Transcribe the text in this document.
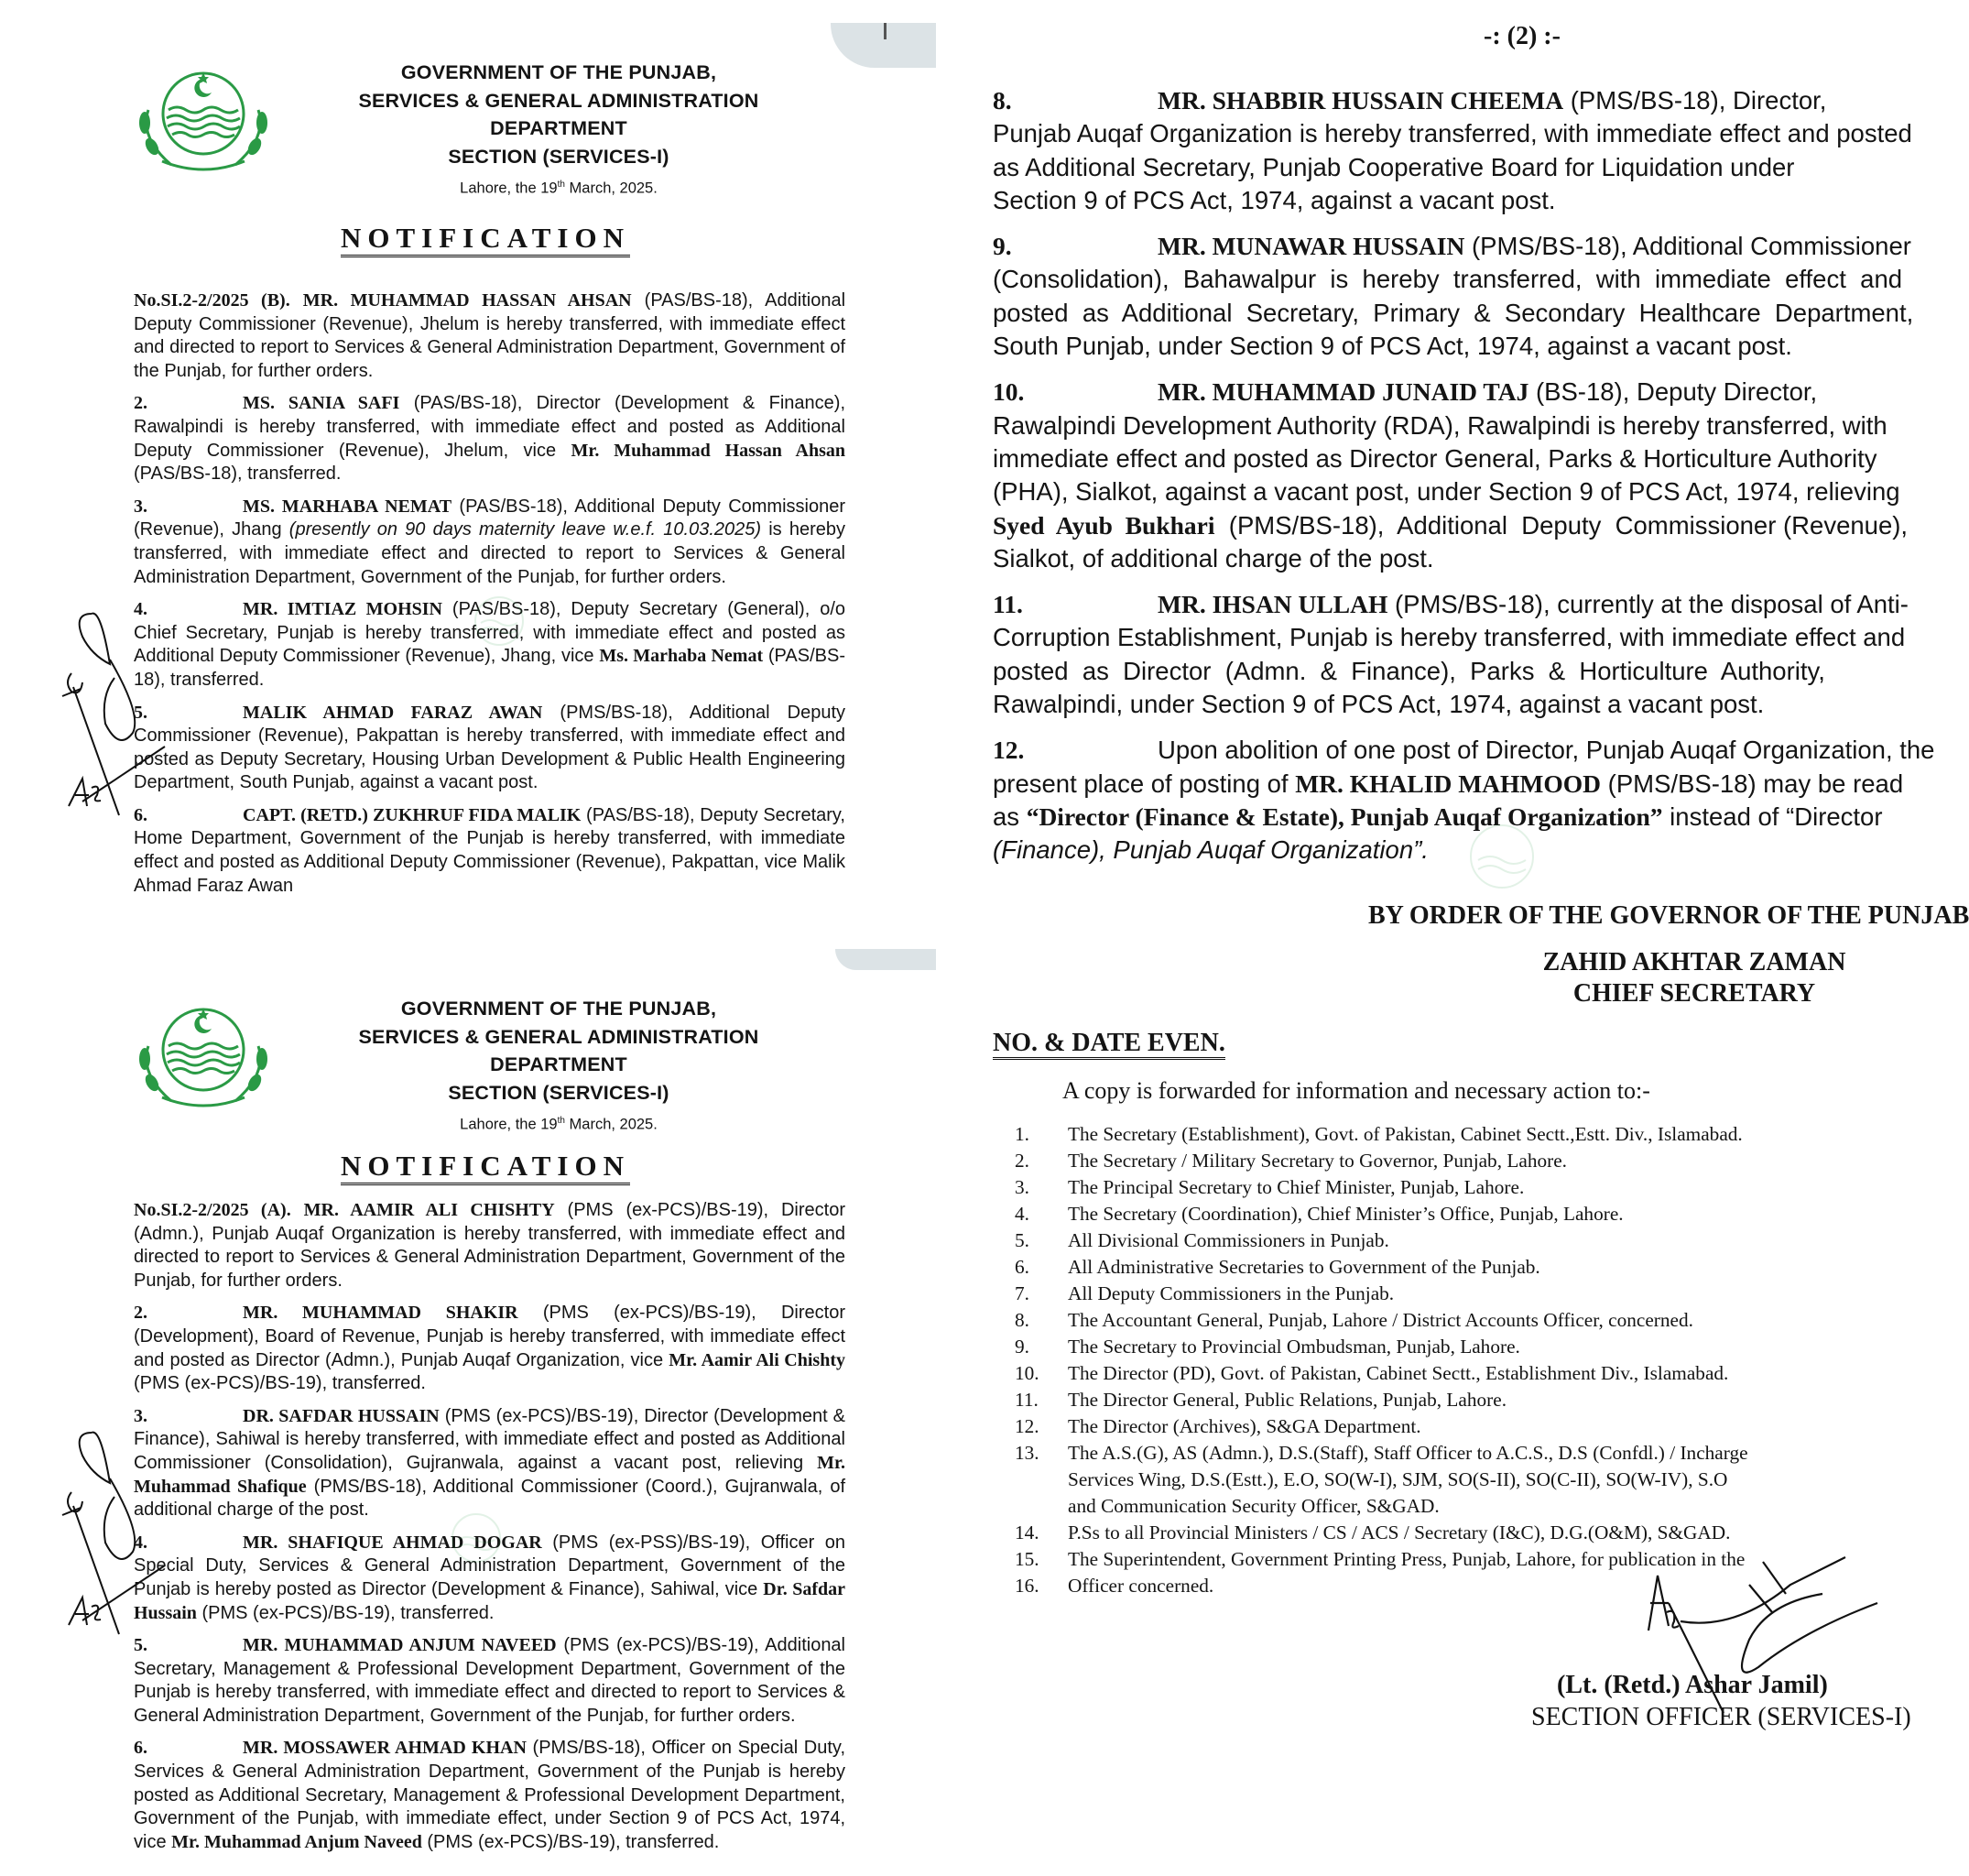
GOVERNMENT OF THE PUNJAB,
SERVICES & GENERAL ADMINISTRATION
DEPARTMENT
SECTION (SERVICES-I)
Lahore, the 19th March, 2025.
NOTIFICATION

No.SI.2-2/2025 (B). MR. MUHAMMAD HASSAN AHSAN (PAS/BS-18), Additional Deputy Commissioner (Revenue), Jhelum is hereby transferred, with immediate effect and directed to report to Services & General Administration Department, Government of the Punjab, for further orders.

2.	MS. SANIA SAFI (PAS/BS-18), Director (Development & Finance), Rawalpindi is hereby transferred, with immediate effect and posted as Additional Deputy Commissioner (Revenue), Jhelum, vice Mr. Muhammad Hassan Ahsan (PAS/BS-18), transferred.

3.	MS. MARHABA NEMAT (PAS/BS-18), Additional Deputy Commissioner (Revenue), Jhang (presently on 90 days maternity leave w.e.f. 10.03.2025) is hereby transferred, with immediate effect and directed to report to Services & General Administration Department, Government of the Punjab, for further orders.

4.	MR. IMTIAZ MOHSIN (PAS/BS-18), Deputy Secretary (General), o/o Chief Secretary, Punjab is hereby transferred, with immediate effect and posted as Additional Deputy Commissioner (Revenue), Jhang, vice Ms. Marhaba Nemat (PAS/BS-18), transferred.

5.	MALIK AHMAD FARAZ AWAN (PMS/BS-18), Additional Deputy Commissioner (Revenue), Pakpattan is hereby transferred, with immediate effect and posted as Deputy Secretary, Housing Urban Development & Public Health Engineering Department, South Punjab, against a vacant post.

6.	CAPT. (RETD.) ZUKHRUF FIDA MALIK (PAS/BS-18), Deputy Secretary, Home Department, Government of the Punjab is hereby transferred, with immediate effect and posted as Additional Deputy Commissioner (Revenue), Pakpattan, vice Malik Ahmad Faraz Awan

GOVERNMENT OF THE PUNJAB,
SERVICES & GENERAL ADMINISTRATION
DEPARTMENT
SECTION (SERVICES-I)
Lahore, the 19th March, 2025.
NOTIFICATION

No.SI.2-2/2025 (A). MR. AAMIR ALI CHISHTY (PMS (ex-PCS)/BS-19), Director (Admn.), Punjab Auqaf Organization is hereby transferred, with immediate effect and directed to report to Services & General Administration Department, Government of the Punjab, for further orders.

2.	MR. MUHAMMAD SHAKIR (PMS (ex-PCS)/BS-19), Director (Development), Board of Revenue, Punjab is hereby transferred, with immediate effect and posted as Director (Admn.), Punjab Auqaf Organization, vice Mr. Aamir Ali Chishty (PMS (ex-PCS)/BS-19), transferred.

3.	DR. SAFDAR HUSSAIN (PMS (ex-PCS)/BS-19), Director (Development & Finance), Sahiwal is hereby transferred, with immediate effect and posted as Additional Commissioner (Consolidation), Gujranwala, against a vacant post, relieving Mr. Muhammad Shafique (PMS/BS-18), Additional Commissioner (Coord.), Gujranwala, of additional charge of the post.

4.	MR. SHAFIQUE AHMAD DOGAR (PMS (ex-PSS)/BS-19), Officer on Special Duty, Services & General Administration Department, Government of the Punjab is hereby posted as Director (Development & Finance), Sahiwal, vice Dr. Safdar Hussain (PMS (ex-PCS)/BS-19), transferred.

5.	MR. MUHAMMAD ANJUM NAVEED (PMS (ex-PCS)/BS-19), Additional Secretary, Management & Professional Development Department, Government of the Punjab is hereby transferred, with immediate effect and directed to report to Services & General Administration Department, Government of the Punjab, for further orders.

6.	MR. MOSSAWER AHMAD KHAN (PMS/BS-18), Officer on Special Duty, Services & General Administration Department, Government of the Punjab is hereby posted as Additional Secretary, Management & Professional Development Department, Government of the Punjab, with immediate effect, under Section 9 of PCS Act, 1974, vice Mr. Muhammad Anjum Naveed (PMS (ex-PCS)/BS-19), transferred.

-: (2) :-

8.	MR. SHABBIR HUSSAIN CHEEMA (PMS/BS-18), Director,
Punjab Auqaf Organization is hereby transferred, with immediate effect and posted
as Additional Secretary, Punjab Cooperative Board for Liquidation under
Section 9 of PCS Act, 1974, against a vacant post.

9.	MR. MUNAWAR HUSSAIN (PMS/BS-18), Additional Commissioner
(Consolidation),  Bahawalpur  is  hereby  transferred,  with  immediate  effect  and
posted  as  Additional  Secretary,  Primary  &  Secondary  Healthcare  Department,
South Punjab, under Section 9 of PCS Act, 1974, against a vacant post.

10.	MR. MUHAMMAD JUNAID TAJ (BS-18), Deputy Director,
Rawalpindi Development Authority (RDA), Rawalpindi is hereby transferred, with
immediate effect and posted as Director General, Parks & Horticulture Authority
(PHA), Sialkot, against a vacant post, under Section 9 of PCS Act, 1974, relieving
Syed  Ayub  Bukhari  (PMS/BS-18),  Additional  Deputy  Commissioner (Revenue),
Sialkot, of additional charge of the post.

11.	MR. IHSAN ULLAH (PMS/BS-18), currently at the disposal of Anti-
Corruption Establishment, Punjab is hereby transferred, with immediate effect and
posted  as  Director  (Admn.  &  Finance),  Parks  &  Horticulture  Authority,
Rawalpindi, under Section 9 of PCS Act, 1974, against a vacant post.

12.	Upon abolition of one post of Director, Punjab Auqaf Organization, the
present place of posting of MR. KHALID MAHMOOD (PMS/BS-18) may be read
as “Director (Finance & Estate), Punjab Auqaf Organization” instead of “Director
(Finance), Punjab Auqaf Organization”.

BY ORDER OF THE GOVERNOR OF THE PUNJAB
ZAHID AKHTAR ZAMAN
CHIEF SECRETARY
NO. & DATE EVEN.
A copy is forwarded for information and necessary action to:-
1.	The Secretary (Establishment), Govt. of Pakistan, Cabinet Sectt.,Estt. Div., Islamabad.
2.	The Secretary / Military Secretary to Governor, Punjab, Lahore.
3.	The Principal Secretary to Chief Minister, Punjab, Lahore.
4.	The Secretary (Coordination), Chief Minister’s Office, Punjab, Lahore.
5.	All Divisional Commissioners in Punjab.
6.	All Administrative Secretaries to Government of the Punjab.
7.	All Deputy Commissioners in the Punjab.
8.	The Accountant General, Punjab, Lahore / District Accounts Officer, concerned.
9.	The Secretary to Provincial Ombudsman, Punjab, Lahore.
10.	The Director (PD), Govt. of Pakistan, Cabinet Sectt., Establishment Div., Islamabad.
11.	The Director General, Public Relations, Punjab, Lahore.
12.	The Director (Archives), S&GA Department.
13.	The A.S.(G), AS (Admn.), D.S.(Staff), Staff Officer to A.C.S., D.S (Confdl.) / Incharge
Services Wing, D.S.(Estt.), E.O, SO(W-I), SJM, SO(S-II), SO(C-II), SO(W-IV), S.O
and Communication Security Officer, S&GAD.
14.	P.Ss to all Provincial Ministers / CS / ACS / Secretary (I&C), D.G.(O&M), S&GAD.
15.	The Superintendent, Government Printing Press, Punjab, Lahore, for publication in the
16.	Officer concerned.
(Lt. (Retd.) Ashar Jamil)
SECTION OFFICER (SERVICES-I)
